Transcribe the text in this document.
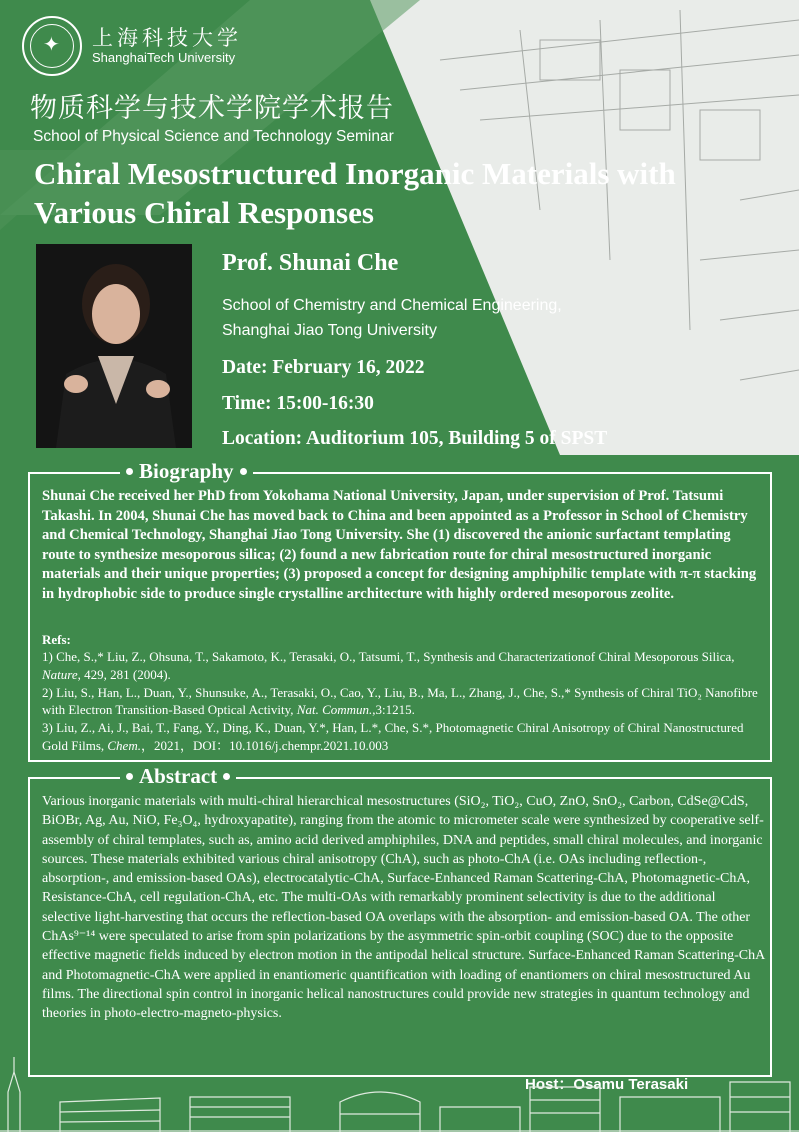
✦ 上海科技大学
ShanghaiTech University
物质科学与技术学院学术报告
School of Physical Science and Technology Seminar
Chiral Mesostructured Inorganic Materials with Various Chiral Responses
Prof. Shunai Che
School of Chemistry and Chemical Engineering,
Shanghai Jiao Tong University
Date: February 16, 2022
Time: 15:00-16:30
Location: Auditorium 105, Building 5 of SPST
Biography
Shunai Che received her PhD from Yokohama National University, Japan, under supervision of Prof. Tatsumi Takashi. In 2004, Shunai Che has moved back to China and been appointed as a Professor in School of Chemistry and Chemical Technology, Shanghai Jiao Tong University. She (1) discovered the anionic surfactant templating route to synthesize mesoporous silica; (2) found a new fabrication route for chiral mesostructured inorganic materials and their unique properties; (3) proposed a concept for designing amphiphilic template with π-π stacking in hydrophobic side to produce single crystalline architecture with highly ordered mesoporous zeolite.
Refs:
1) Che, S.,* Liu, Z., Ohsuna, T., Sakamoto, K., Terasaki, O., Tatsumi, T., Synthesis and Characterizationof Chiral Mesoporous Silica, Nature, 429, 281 (2004).
2) Liu, S., Han, L., Duan, Y., Shunsuke, A., Terasaki, O., Cao, Y., Liu, B., Ma, L., Zhang, J., Che, S.,* Synthesis of Chiral TiO₂ Nanofibre with Electron Transition-Based Optical Activity, Nat. Commun.,3:1215.
3) Liu, Z., Ai, J., Bai, T., Fang, Y., Ding, K., Duan, Y.*, Han, L.*, Che, S.*, Photomagnetic Chiral Anisotropy of Chiral Nanostructured Gold Films, Chem.，2021，DOI：10.1016/j.chempr.2021.10.003
Abstract
Various inorganic materials with multi-chiral hierarchical mesostructures (SiO₂, TiO₂, CuO, ZnO, SnO₂, Carbon, CdSe@CdS, BiOBr, Ag, Au, NiO, Fe₃O₄, hydroxyapatite), ranging from the atomic to micrometer scale were synthesized by cooperative self-assembly of chiral templates, such as, amino acid derived amphiphiles, DNA and peptides, small chiral molecules, and inorganic sources. These materials exhibited various chiral anisotropy (ChA), such as photo-ChA (i.e. OAs including reflection-, absorption-, and emission-based OAs), electrocatalytic-ChA, Surface-Enhanced Raman Scattering-ChA, Photomagnetic-ChA, Resistance-ChA, cell regulation-ChA, etc. The multi-OAs with remarkably prominent selectivity is due to the additional selective light-harvesting that occurs the reflection-based OA overlaps with the absorption- and emission-based OA. The other ChAs⁹⁻¹⁴ were speculated to arise from spin polarizations by the asymmetric spin-orbit coupling (SOC) due to the opposite effective magnetic fields induced by electron motion in the antipodal helical structure. Surface-Enhanced Raman Scattering-ChA and Photomagnetic-ChA were applied in enantiomeric quantification with loading of enantiomers on chiral mesostructured Au films. The directional spin control in inorganic helical nanostructures could provide new strategies in quantum technology and theories in photo-electro-magneto-physics.
Host：Osamu Terasaki
